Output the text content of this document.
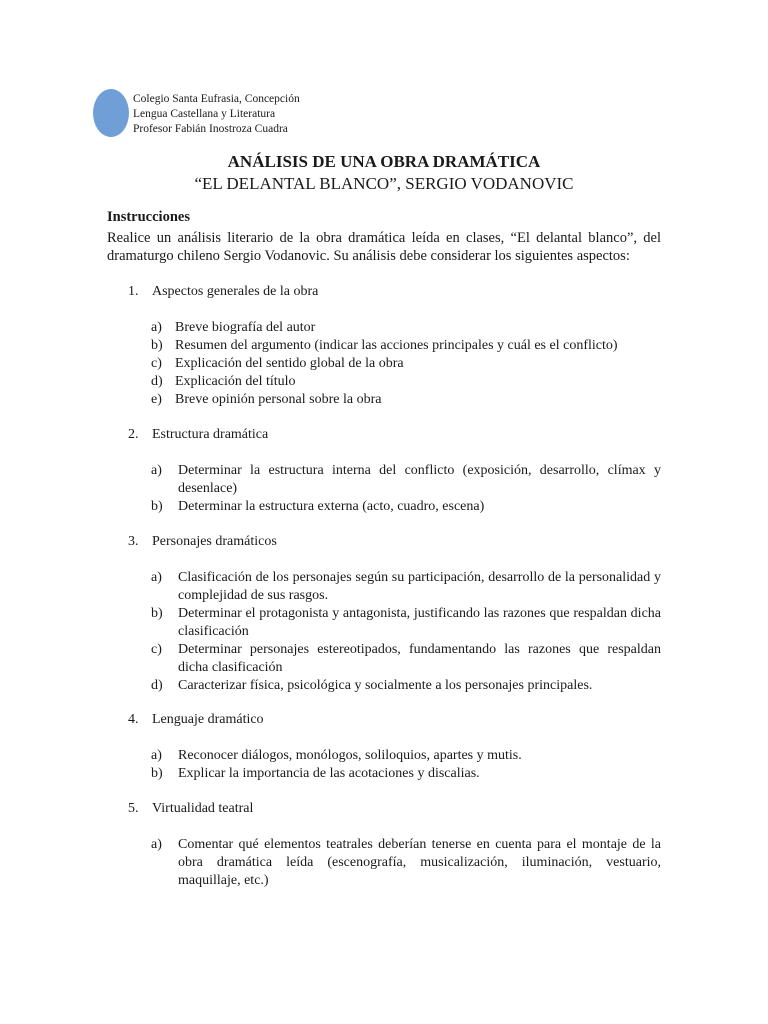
Colegio Santa Eufrasia, Concepción
Lengua Castellana y Literatura
Profesor Fabián Inostroza Cuadra
ANÁLISIS DE UNA OBRA DRAMÁTICA
“EL DELANTAL BLANCO”, SERGIO VODANOVIC
Instrucciones
Realice un análisis literario de la obra dramática leída en clases, “El delantal blanco”, del dramaturgo chileno Sergio Vodanovic. Su análisis debe considerar los siguientes aspectos:
1. Aspectos generales de la obra
a) Breve biografía del autor
b) Resumen del argumento (indicar las acciones principales y cuál es el conflicto)
c) Explicación del sentido global de la obra
d) Explicación del título
e) Breve opinión personal sobre la obra
2. Estructura dramática
a) Determinar la estructura interna del conflicto (exposición, desarrollo, clímax y desenlace)
b) Determinar la estructura externa (acto, cuadro, escena)
3. Personajes dramáticos
a) Clasificación de los personajes según su participación, desarrollo de la personalidad y complejidad de sus rasgos.
b) Determinar el protagonista y antagonista, justificando las razones que respaldan dicha clasificación
c) Determinar personajes estereotipados, fundamentando las razones que respaldan dicha clasificación
d) Caracterizar física, psicológica y socialmente a los personajes principales.
4. Lenguaje dramático
a) Reconocer diálogos, monólogos, soliloquios, apartes y mutis.
b) Explicar la importancia de las acotaciones y discalias.
5. Virtualidad teatral
a) Comentar qué elementos teatrales deberían tenerse en cuenta para el montaje de la obra dramática leída (escenografía, musicalización, iluminación, vestuario, maquillaje, etc.)
